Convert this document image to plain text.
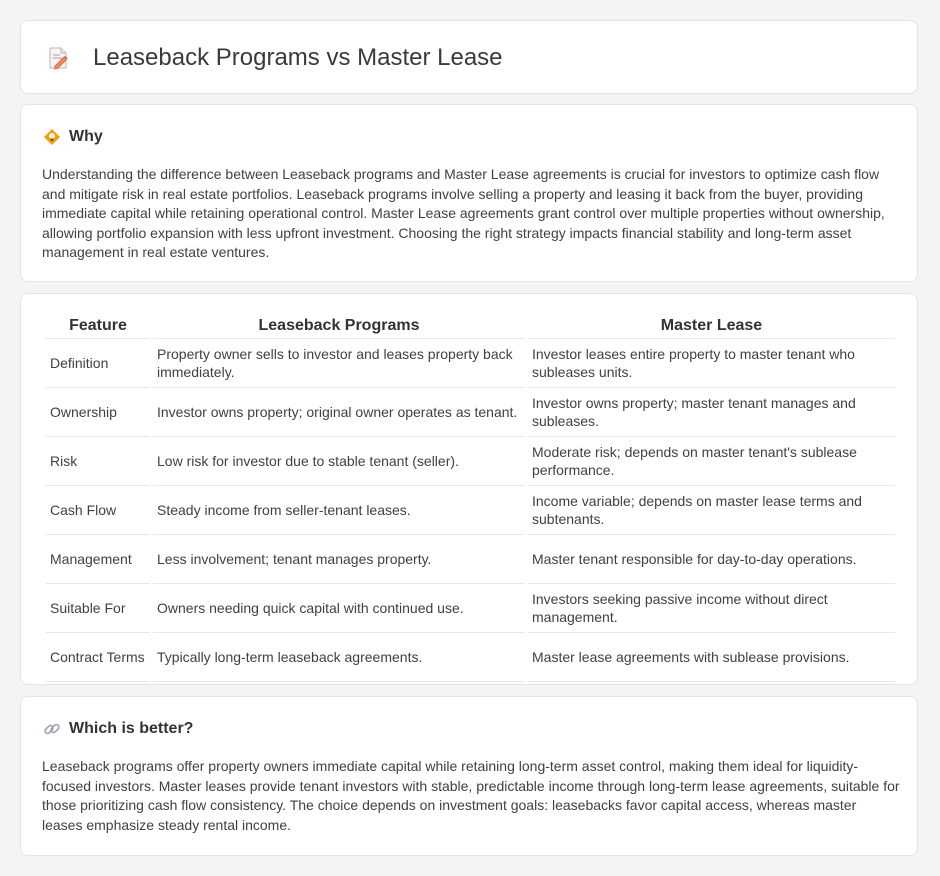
Leaseback Programs vs Master Lease
Why

Understanding the difference between Leaseback programs and Master Lease agreements is crucial for investors to optimize cash flow and mitigate risk in real estate portfolios. Leaseback programs involve selling a property and leasing it back from the buyer, providing immediate capital while retaining operational control. Master Lease agreements grant control over multiple properties without ownership, allowing portfolio expansion with less upfront investment. Choosing the right strategy impacts financial stability and long-term asset management in real estate ventures.

Feature	Leaseback Programs	Master Lease
Definition	Property owner sells to investor and leases property back immediately.	Investor leases entire property to master tenant who subleases units.
Ownership	Investor owns property; original owner operates as tenant.	Investor owns property; master tenant manages and subleases.
Risk	Low risk for investor due to stable tenant (seller).	Moderate risk; depends on master tenant's sublease performance.
Cash Flow	Steady income from seller-tenant leases.	Income variable; depends on master lease terms and subtenants.
Management	Less involvement; tenant manages property.	Master tenant responsible for day-to-day operations.
Suitable For	Owners needing quick capital with continued use.	Investors seeking passive income without direct management.
Contract Terms	Typically long-term leaseback agreements.	Master lease agreements with sublease provisions.
Which is better?

Leaseback programs offer property owners immediate capital while retaining long-term asset control, making them ideal for liquidity-focused investors. Master leases provide tenant investors with stable, predictable income through long-term lease agreements, suitable for those prioritizing cash flow consistency. The choice depends on investment goals: leasebacks favor capital access, whereas master leases emphasize steady rental income.
